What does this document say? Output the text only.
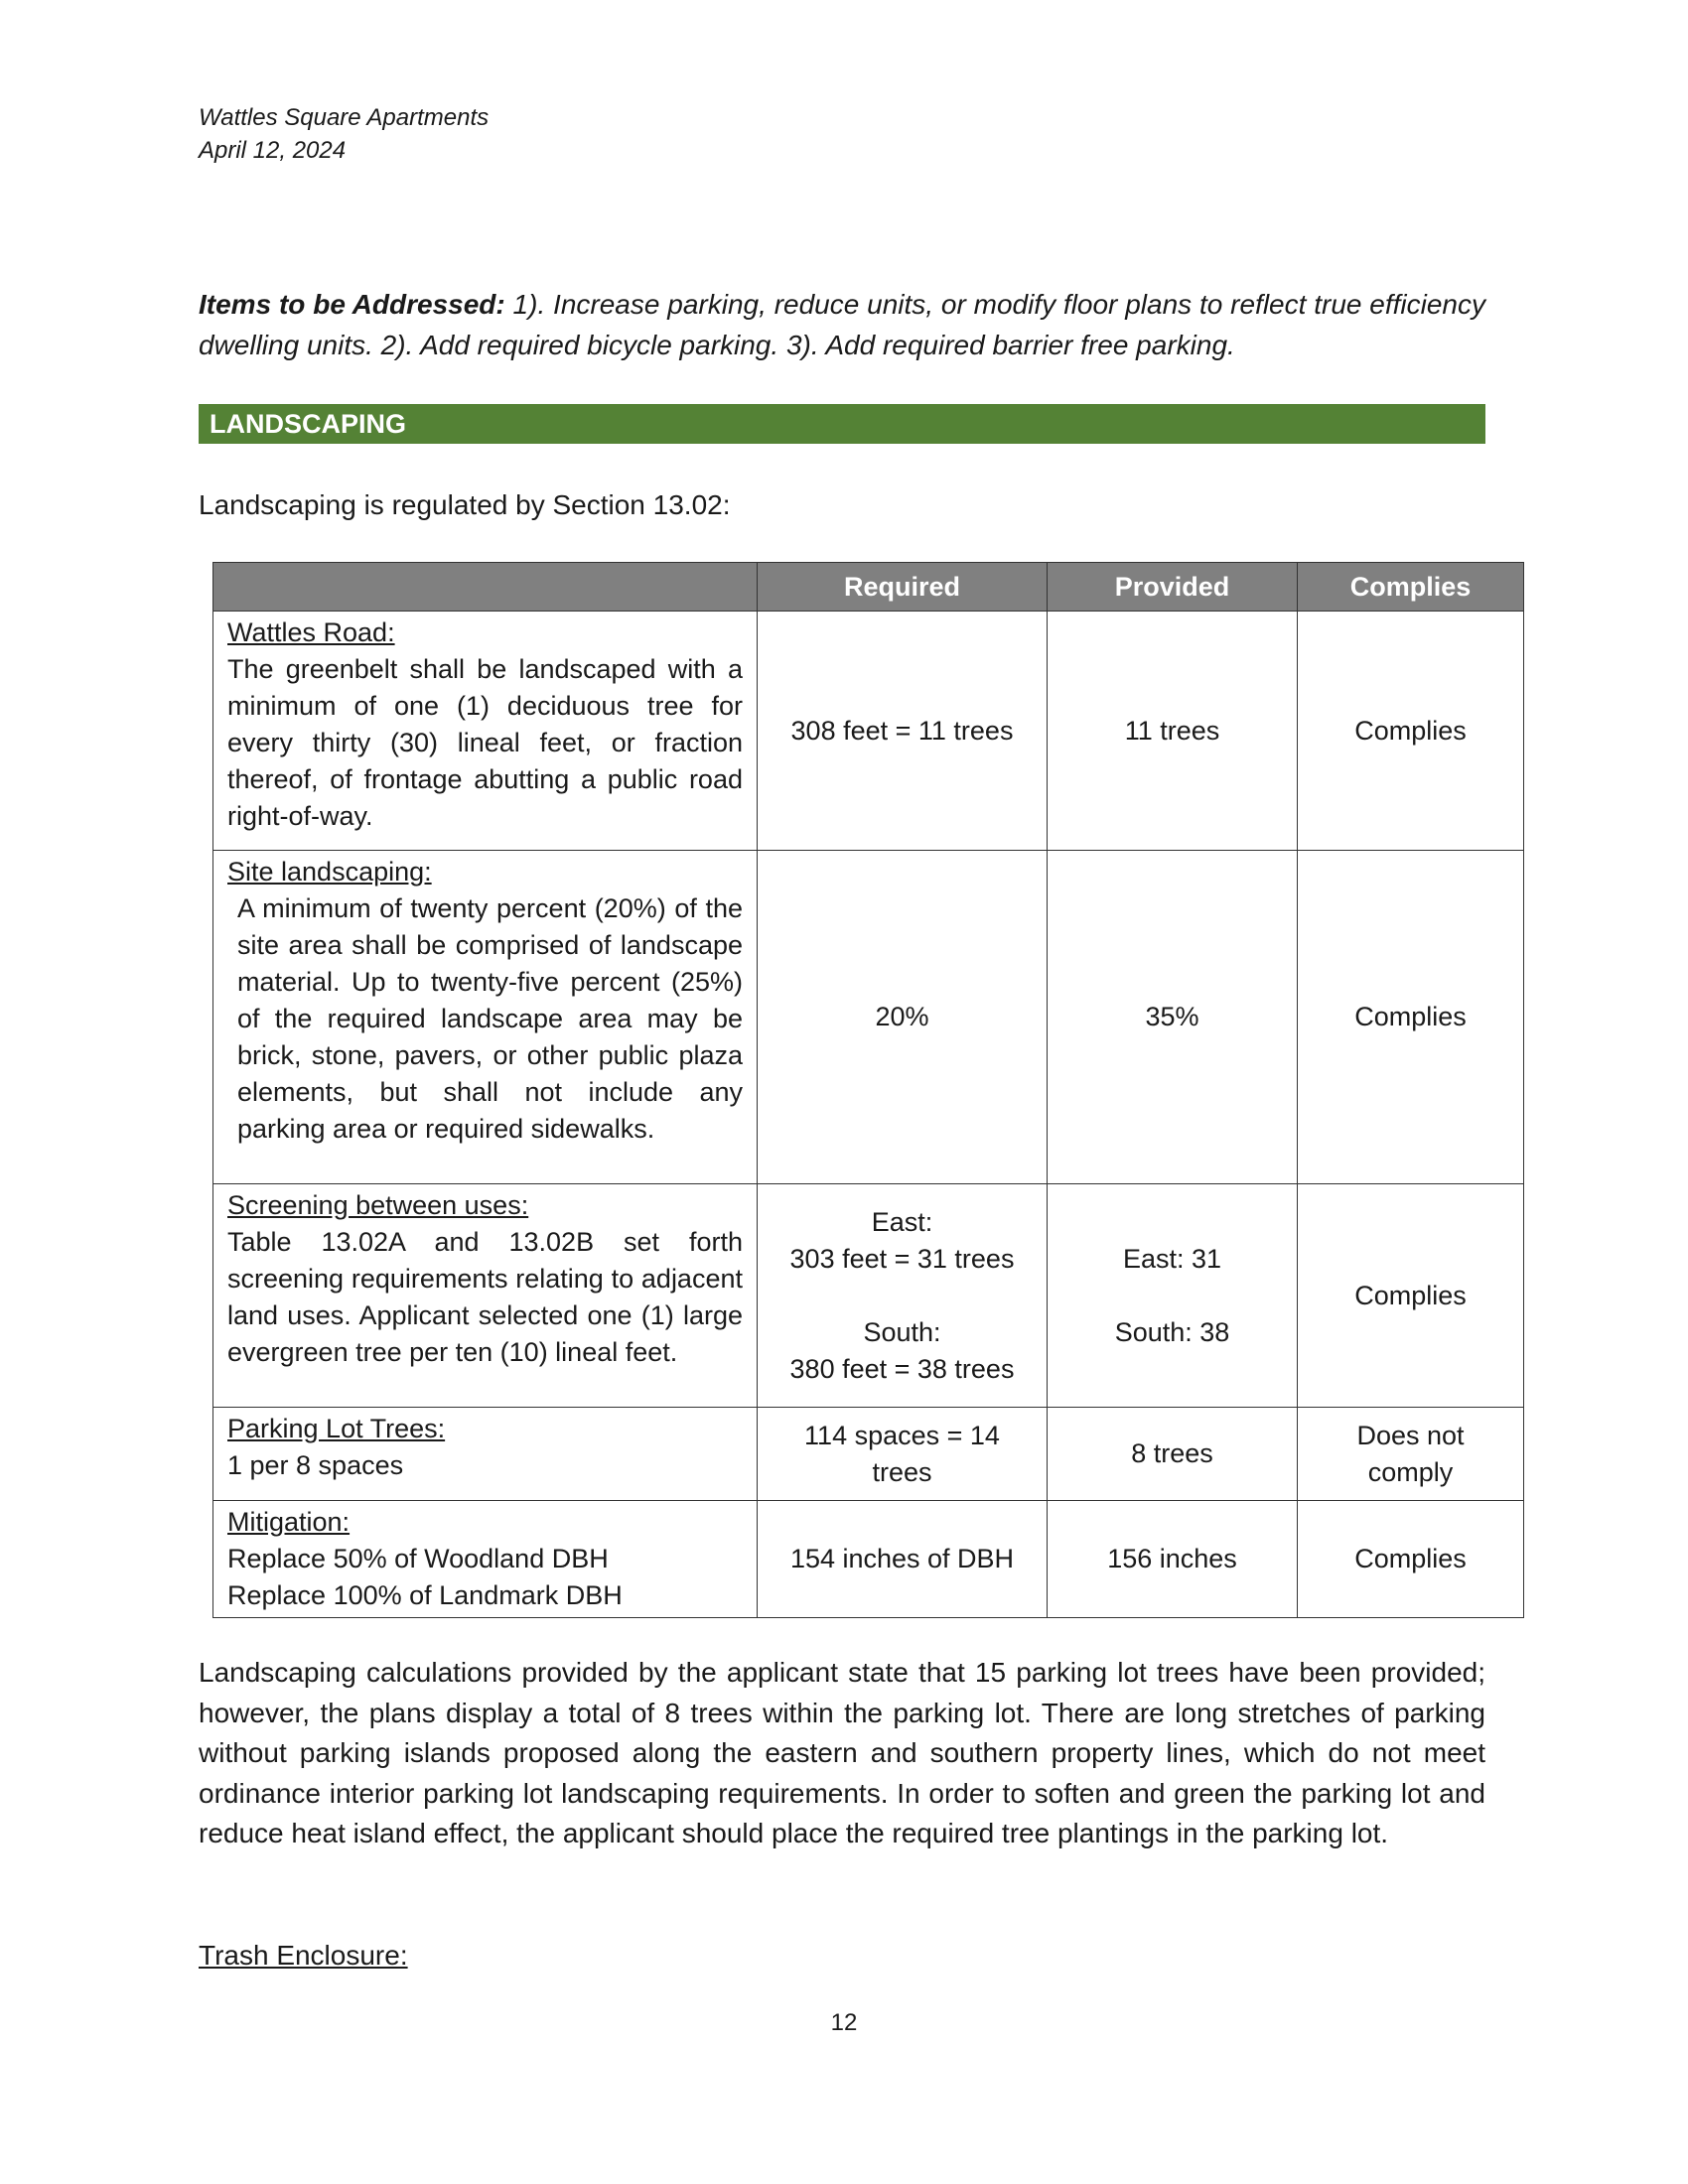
Wattles Square Apartments
April 12, 2024
Items to be Addressed: 1). Increase parking, reduce units, or modify floor plans to reflect true efficiency dwelling units. 2). Add required bicycle parking. 3). Add required barrier free parking.
LANDSCAPING
Landscaping is regulated by Section 13.02:
	Required	Provided	Complies

Wattles Road:
The greenbelt shall be landscaped with a minimum of one (1) deciduous tree for every thirty (30) lineal feet, or fraction thereof, of frontage abutting a public road right-of-way.	308 feet = 11 trees	11 trees	Complies

Site landscaping:
A minimum of twenty percent (20%) of the site area shall be comprised of landscape material. Up to twenty-five percent (25%) of the required landscape area may be brick, stone, pavers, or other public plaza elements, but shall not include any parking area or required sidewalks.	20%	35%	Complies

Screening between uses:
Table 13.02A and 13.02B set forth screening requirements relating to adjacent land uses. Applicant selected one (1) large evergreen tree per ten (10) lineal feet.	East:
303 feet = 31 trees

South:
380 feet = 38 trees	East: 31

South: 38	Complies

Parking Lot Trees:
1 per 8 spaces	114 spaces = 14 trees	8 trees	Does not comply

Mitigation:
Replace 50% of Woodland DBH
Replace 100% of Landmark DBH	154 inches of DBH	156 inches	Complies
Landscaping calculations provided by the applicant state that 15 parking lot trees have been provided; however, the plans display a total of 8 trees within the parking lot. There are long stretches of parking without parking islands proposed along the eastern and southern property lines, which do not meet ordinance interior parking lot landscaping requirements. In order to soften and green the parking lot and reduce heat island effect, the applicant should place the required tree plantings in the parking lot.
Trash Enclosure:
12
